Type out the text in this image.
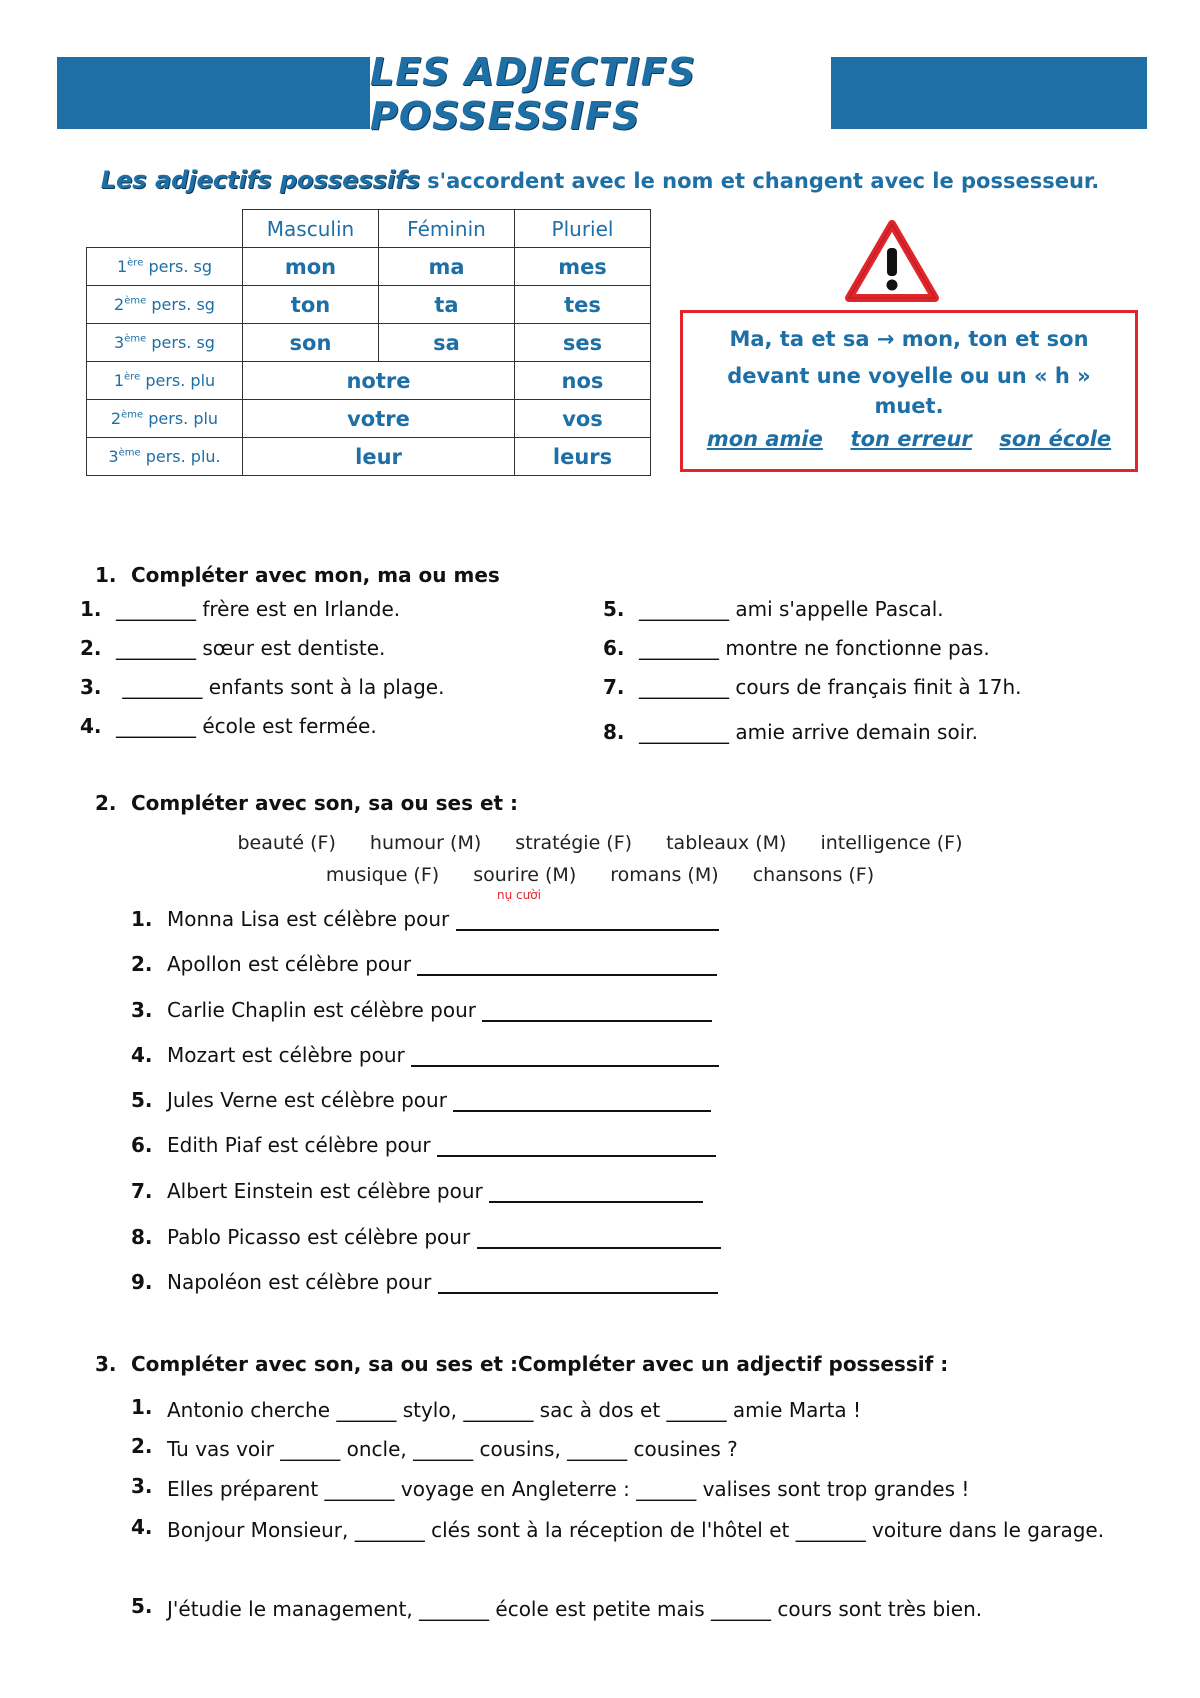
LES ADJECTIFS POSSESSIFS
Les adjectifs possessifs s'accordent avec le nom et changent avec le possesseur.
	Masculin	Féminin	Pluriel
1ère pers. sg	mon	ma	mes
2ème pers. sg	ton	ta	tes
3ème pers. sg	son	sa	ses
1ère pers. plu	notre		nos
2ème pers. plu	votre		vos
3ème pers. plu.	leur		leurs
Ma, ta et sa → mon, ton et son
devant une voyelle ou un « h » muet.
mon amie ton erreur son école
1. Compléter avec mon, ma ou mes
1. ________ frère est en Irlande.
2. ________ sœur est dentiste.
3. ________ enfants sont à la plage.
4. ________ école est fermée.
5. _________ ami s'appelle Pascal.
6. ________ montre ne fonctionne pas.
7. _________ cours de français finit à 17h.
8. _________ amie arrive demain soir.
2. Compléter avec son, sa ou ses et :
beauté (F) humour (M) stratégie (F) tableaux (M) intelligence (F)
musique (F) sourire (M) romans (M) chansons (F)
nụ cười
1. Monna Lisa est célèbre pour
2. Apollon est célèbre pour
3. Carlie Chaplin est célèbre pour
4. Mozart est célèbre pour
5. Jules Verne est célèbre pour
6. Edith Piaf est célèbre pour
7. Albert Einstein est célèbre pour
8. Pablo Picasso est célèbre pour
9. Napoléon est célèbre pour
3. Compléter avec son, sa ou ses et :Compléter avec un adjectif possessif :
1. Antonio cherche ______ stylo, _______ sac à dos et ______ amie Marta !
2. Tu vas voir ______ oncle, ______ cousins, ______ cousines ?
3. Elles préparent _______ voyage en Angleterre : ______ valises sont trop grandes !
4. Bonjour Monsieur, _______ clés sont à la réception de l'hôtel et _______ voiture dans le garage.
5. J'étudie le management, _______ école est petite mais ______ cours sont très bien.
